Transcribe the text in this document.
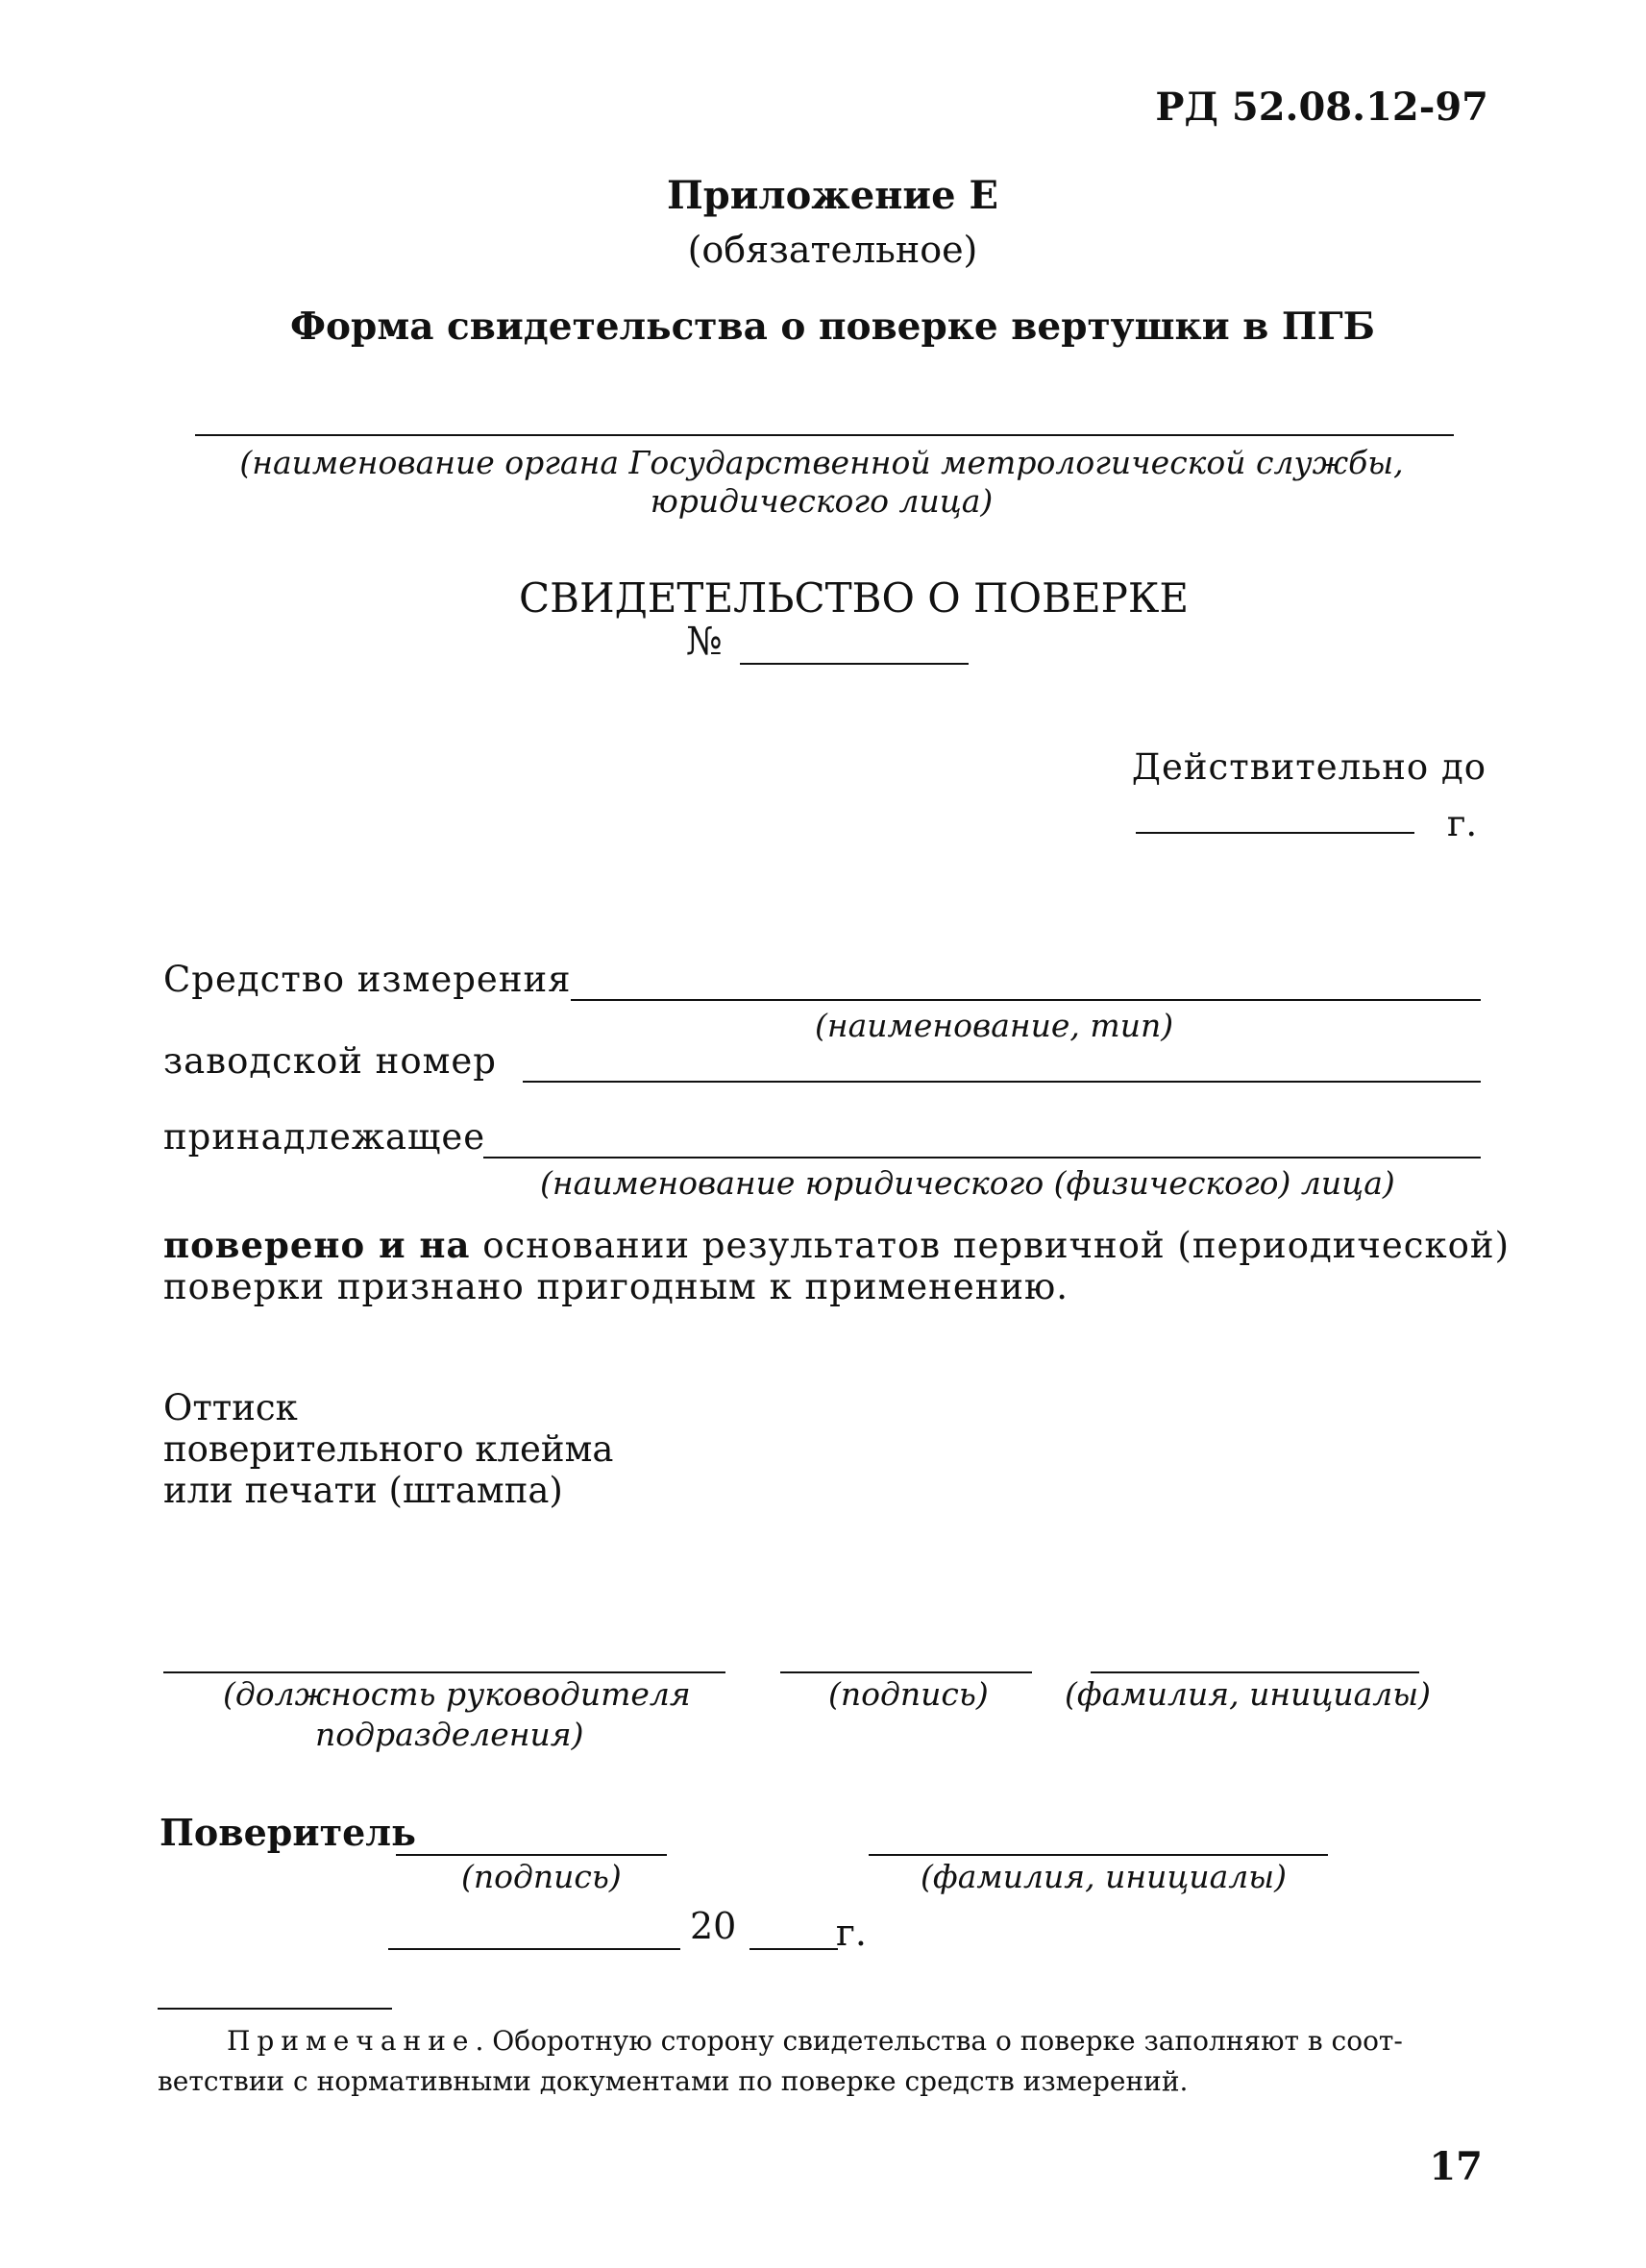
РД 52.08.12-97
Приложение Е
(обязательное)
Форма свидетельства о поверке вертушки в ПГБ
(наименование органа Государственной метрологической службы,
юридического лица)
СВИДЕТЕЛЬСТВО О ПОВЕРКЕ
№
Действительно до
г.
Средство измерения
(наименование, тип)
заводской номер
принадлежащее
(наименование юридического (физического) лица)
поверено и на основании результатов первичной (периодической)
поверки признано пригодным к применению.
Оттиск
поверительного клейма
или печати (штампа)
(должность руководителя
подразделения)
(подпись) (фамилия, инициалы)
Поверитель
(подпись)	(фамилия, инициалы)
20	г.
Примечание. Оборотную сторону свидетельства о поверке заполняют в соот-
ветствии с нормативными документами по поверке средств измерений.
17
